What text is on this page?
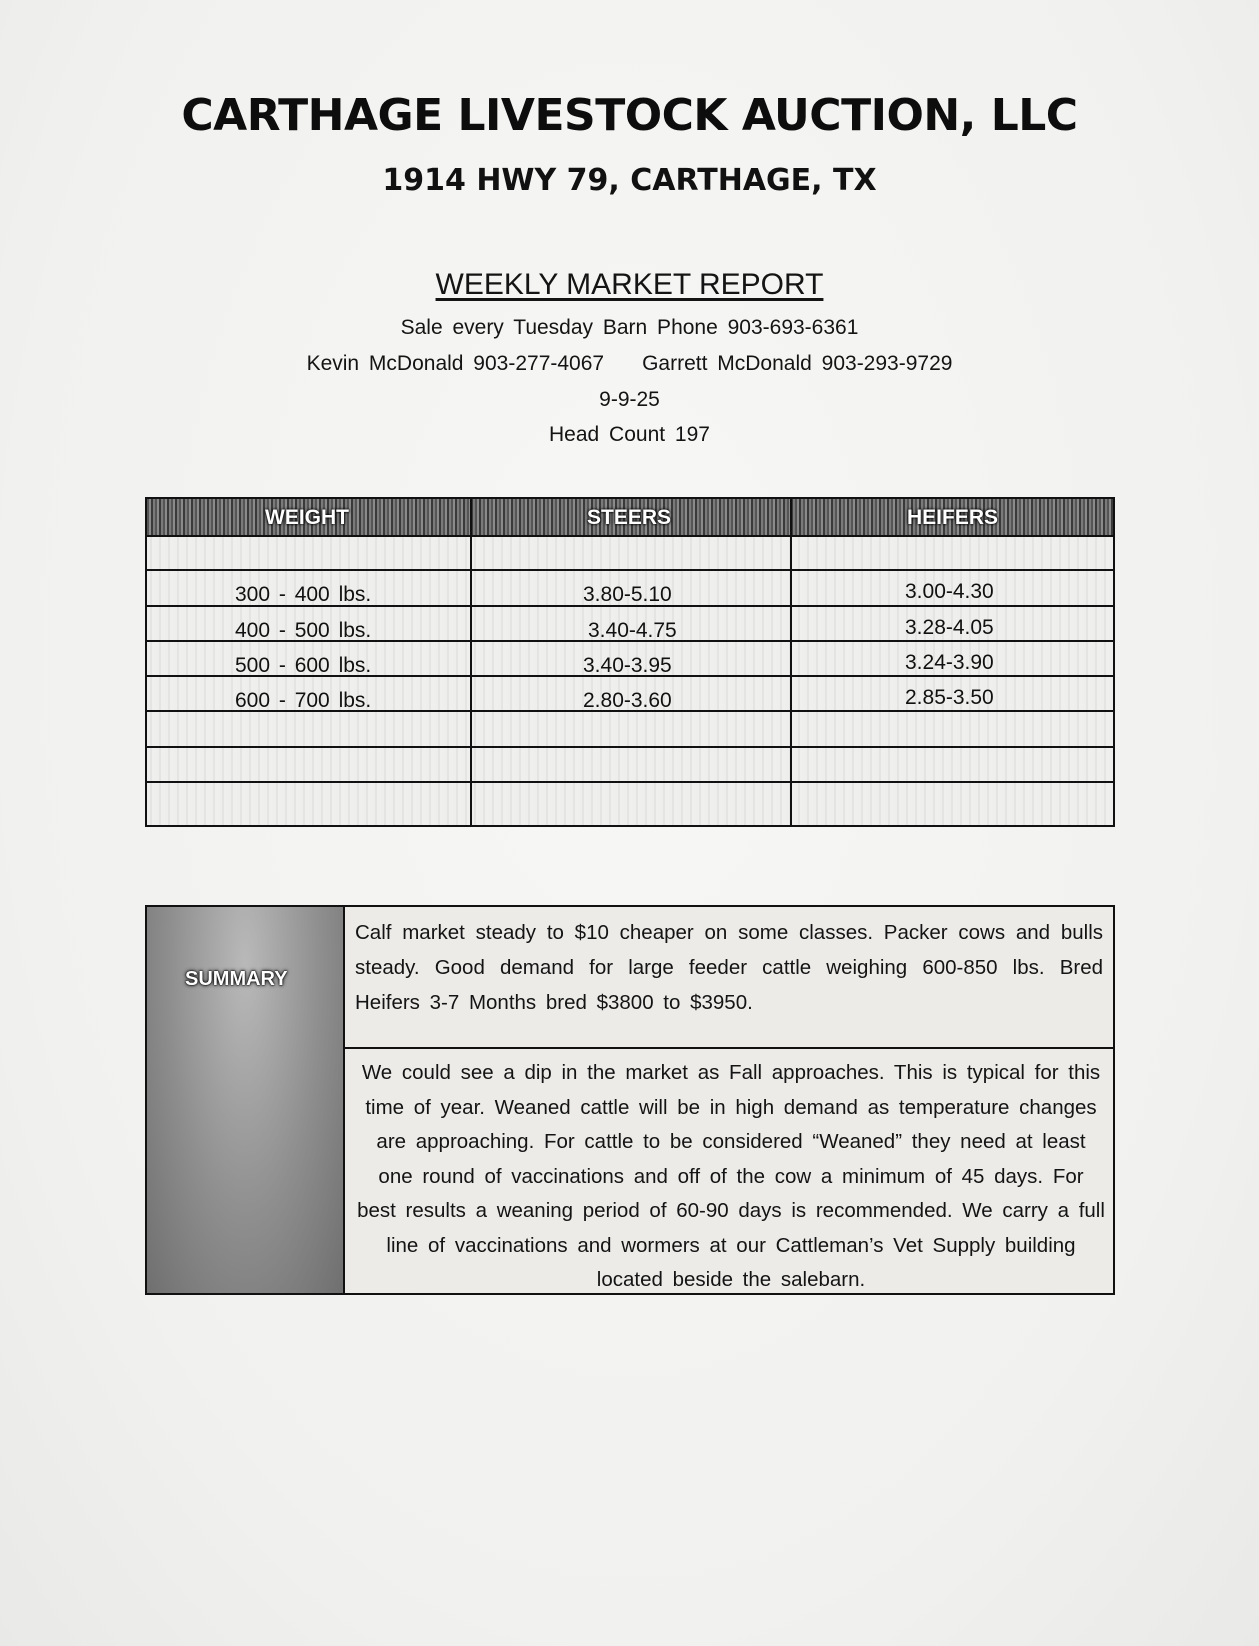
CARTHAGE LIVESTOCK AUCTION, LLC
1914 HWY 79, CARTHAGE, TX
WEEKLY MARKET REPORT
Sale every Tuesday Barn Phone 903-693-6361
Kevin McDonald 903-277-4067 Garrett McDonald 903-293-9729
9-9-25
Head Count 197
WEIGHT	STEERS	HEIFERS
300 - 400 lbs.	3.80-5.10	3.00-4.30
400 - 500 lbs.	3.40-4.75	3.28-4.05
500 - 600 lbs.	3.40-3.95	3.24-3.90
600 - 700 lbs.	2.80-3.60	2.85-3.50
SUMMARY
Calf market steady to $10 cheaper on some classes. Packer cows and bulls steady. Good demand for large feeder cattle weighing 600-850 lbs. Bred Heifers 3-7 Months bred $3800 to $3950.
We could see a dip in the market as Fall approaches. This is typical for this time of year. Weaned cattle will be in high demand as temperature changes are approaching. For cattle to be considered “Weaned” they need at least one round of vaccinations and off of the cow a minimum of 45 days. For best results a weaning period of 60-90 days is recommended. We carry a full line of vaccinations and wormers at our Cattleman’s Vet Supply building located beside the salebarn.
